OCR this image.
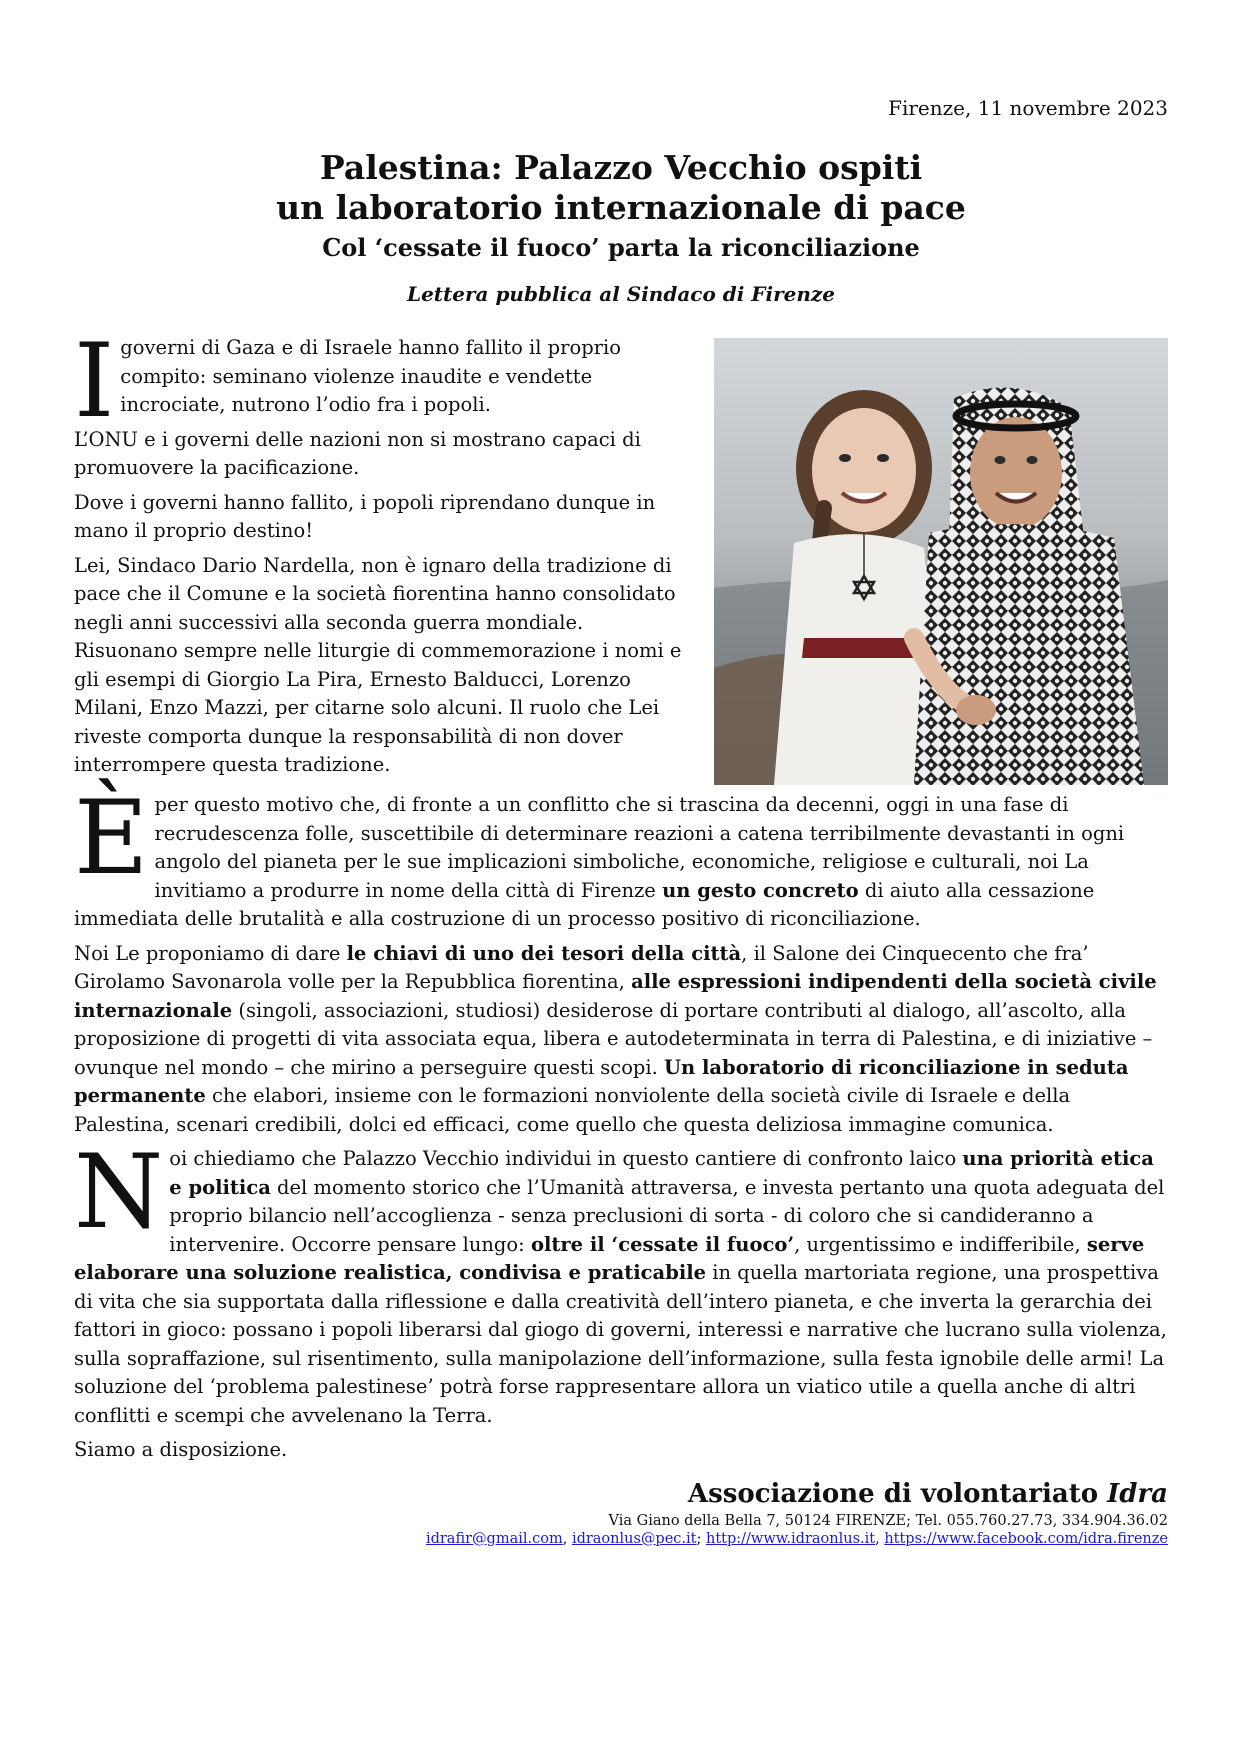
Firenze, 11 novembre 2023
Palestina: Palazzo Vecchio ospiti
un laboratorio internazionale di pace
Col ‘cessate il fuoco’ parta la riconciliazione
Lettera pubblica al Sindaco di Firenze

Igoverni di Gaza e di Israele hanno fallito il proprio compito: seminano violenze inaudite e vendette incrociate, nutrono l’odio fra i popoli.

L’ONU e i governi delle nazioni non si mostrano capaci di promuovere la pacificazione.

Dove i governi hanno fallito, i popoli riprendano dunque in mano il proprio destino!

Lei, Sindaco Dario Nardella, non è ignaro della tradizione di pace che il Comune e la società fiorentina hanno consolidato negli anni successivi alla seconda guerra mondiale. Risuonano sempre nelle liturgie di commemorazione i nomi e gli esempi di Giorgio La Pira, Ernesto Balducci, Lorenzo Milani, Enzo Mazzi, per citarne solo alcuni. Il ruolo che Lei riveste comporta dunque la responsabilità di non dover interrompere questa tradizione.

Èper questo motivo che, di fronte a un conflitto che si trascina da decenni, oggi in una fase di recrudescenza folle, suscettibile di determinare reazioni a catena terribilmente devastanti in ogni angolo del pianeta per le sue implicazioni simboliche, economiche, religiose e culturali, noi La invitiamo a produrre in nome della città di Firenze un gesto concreto di aiuto alla cessazione immediata delle brutalità e alla costruzione di un processo positivo di riconciliazione.

Noi Le proponiamo di dare le chiavi di uno dei tesori della città, il Salone dei Cinquecento che fra’ Girolamo Savonarola volle per la Repubblica fiorentina, alle espressioni indipendenti della società civile internazionale (singoli, associazioni, studiosi) desiderose di portare contributi al dialogo, all’ascolto, alla proposizione di progetti di vita associata equa, libera e autodeterminata in terra di Palestina, e di iniziative – ovunque nel mondo – che mirino a perseguire questi scopi. Un laboratorio di riconciliazione in seduta permanente che elabori, insieme con le formazioni nonviolente della società civile di Israele e della Palestina, scenari credibili, dolci ed efficaci, come quello che questa deliziosa immagine comunica.

Noi chiediamo che Palazzo Vecchio individui in questo cantiere di confronto laico una priorità etica e politica del momento storico che l’Umanità attraversa, e investa pertanto una quota adeguata del proprio bilancio nell’accoglienza - senza preclusioni di sorta - di coloro che si candideranno a intervenire. Occorre pensare lungo: oltre il ‘cessate il fuoco’, urgentissimo e indifferibile, serve elaborare una soluzione realistica, condivisa e praticabile in quella martoriata regione, una prospettiva di vita che sia supportata dalla riflessione e dalla creatività dell’intero pianeta, e che inverta la gerarchia dei fattori in gioco: possano i popoli liberarsi dal giogo di governi, interessi e narrative che lucrano sulla violenza, sulla sopraffazione, sul risentimento, sulla manipolazione dell’informazione, sulla festa ignobile delle armi! La soluzione del ‘problema palestinese’ potrà forse rappresentare allora un viatico utile a quella anche di altri conflitti e scempi che avvelenano la Terra.

Siamo a disposizione.

Associazione di volontariato Idra
Via Giano della Bella 7, 50124 FIRENZE; Tel. 055.760.27.73, 334.904.36.02
idrafir@gmail.com, idraonlus@pec.it; http://www.idraonlus.it, https://www.facebook.com/idra.firenze
